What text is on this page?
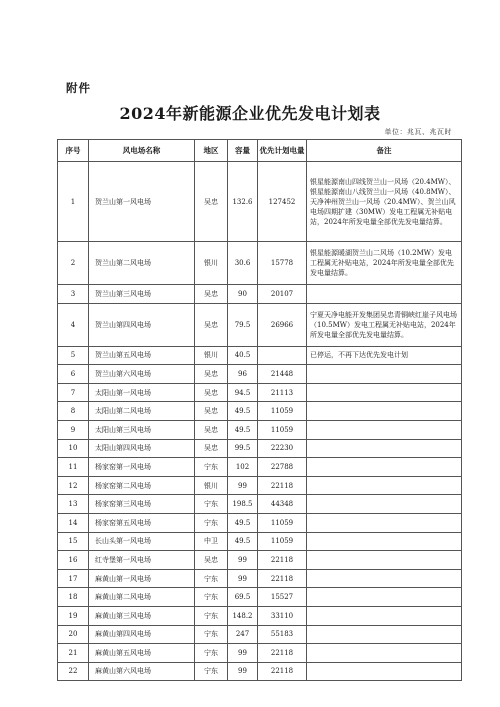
附件
2024年新能源企业优先发电计划表
单位：兆瓦、兆瓦时
序号	风电场名称	地区	容量	优先计划电量	备注
1	贺兰山第一风电场	吴忠	132.6	127452	银星能源南山四线贺兰山一风场（20.4MW）、银星能源南山八线贺兰山一风场（40.8MW）、天净神州贺兰山一风场（20.4MW）、贺兰山风电场四期扩建（30MW）发电工程属无补贴电站，2024年所发电量全部优先发电量结算。
2	贺兰山第二风电场	银川	30.6	15778	银星能源暖湖贺兰山二风场（10.2MW）发电工程属无补贴电站，2024年所发电量全部优先发电量结算。
3	贺兰山第三风电场	吴忠	90	20107	
4	贺兰山第四风电场	吴忠	79.5	26966	宁夏天净电能开发集团吴忠青铜峡红崖子风电场（10.5MW）发电工程属无补贴电站，2024年所发电量全部优先发电量结算。
5	贺兰山第五风电场	银川	40.5		已停运，不再下达优先发电计划
6	贺兰山第六风电场	吴忠	96	21448	
7	太阳山第一风电场	吴忠	94.5	21113	
8	太阳山第二风电场	吴忠	49.5	11059	
9	太阳山第三风电场	吴忠	49.5	11059	
10	太阳山第四风电场	吴忠	99.5	22230	
11	杨家窑第一风电场	宁东	102	22788	
12	杨家窑第二风电场	银川	99	22118	
13	杨家窑第三风电场	宁东	198.5	44348	
14	杨家窑第五风电场	宁东	49.5	11059	
15	长山头第一风电场	中卫	49.5	11059	
16	红寺堡第一风电场	吴忠	99	22118	
17	麻黄山第一风电场	宁东	99	22118	
18	麻黄山第二风电场	宁东	69.5	15527	
19	麻黄山第三风电场	宁东	148.2	33110	
20	麻黄山第四风电场	宁东	247	55183	
21	麻黄山第五风电场	宁东	99	22118	
22	麻黄山第六风电场	宁东	99	22118	
